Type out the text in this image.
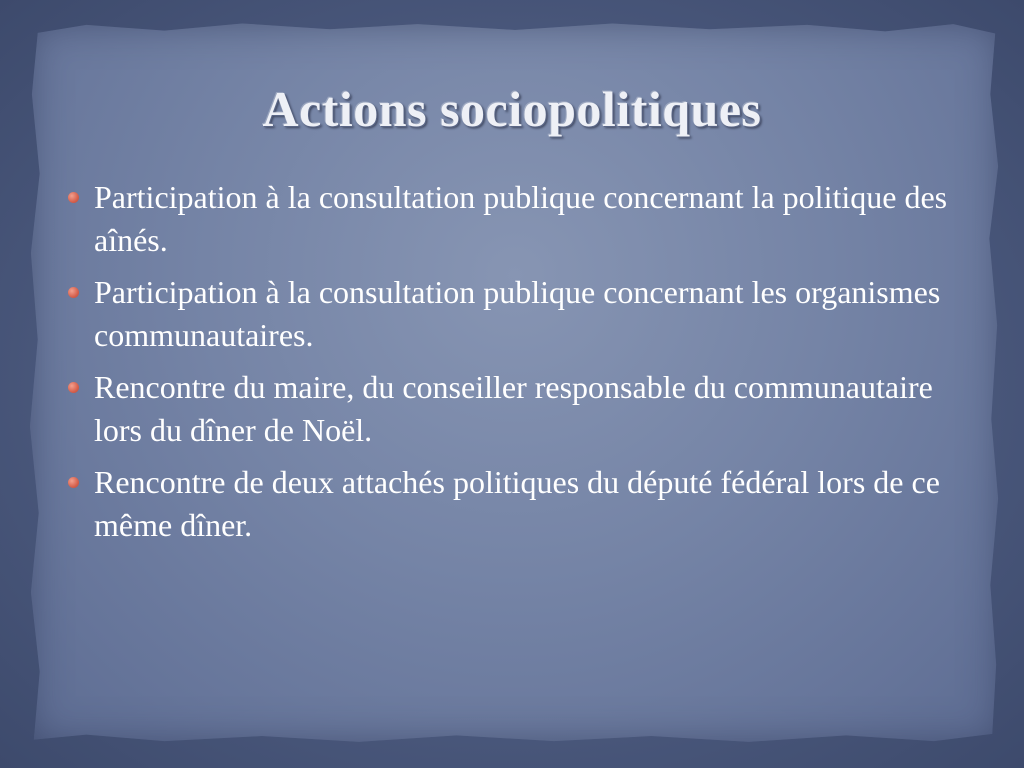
Actions sociopolitiques
Participation à la consultation publique concernant la politique des aînés.
Participation à la consultation publique concernant les organismes communautaires.
Rencontre du maire, du conseiller responsable du communautaire lors du dîner de Noël.
Rencontre de deux attachés politiques du député fédéral lors de ce même dîner.
